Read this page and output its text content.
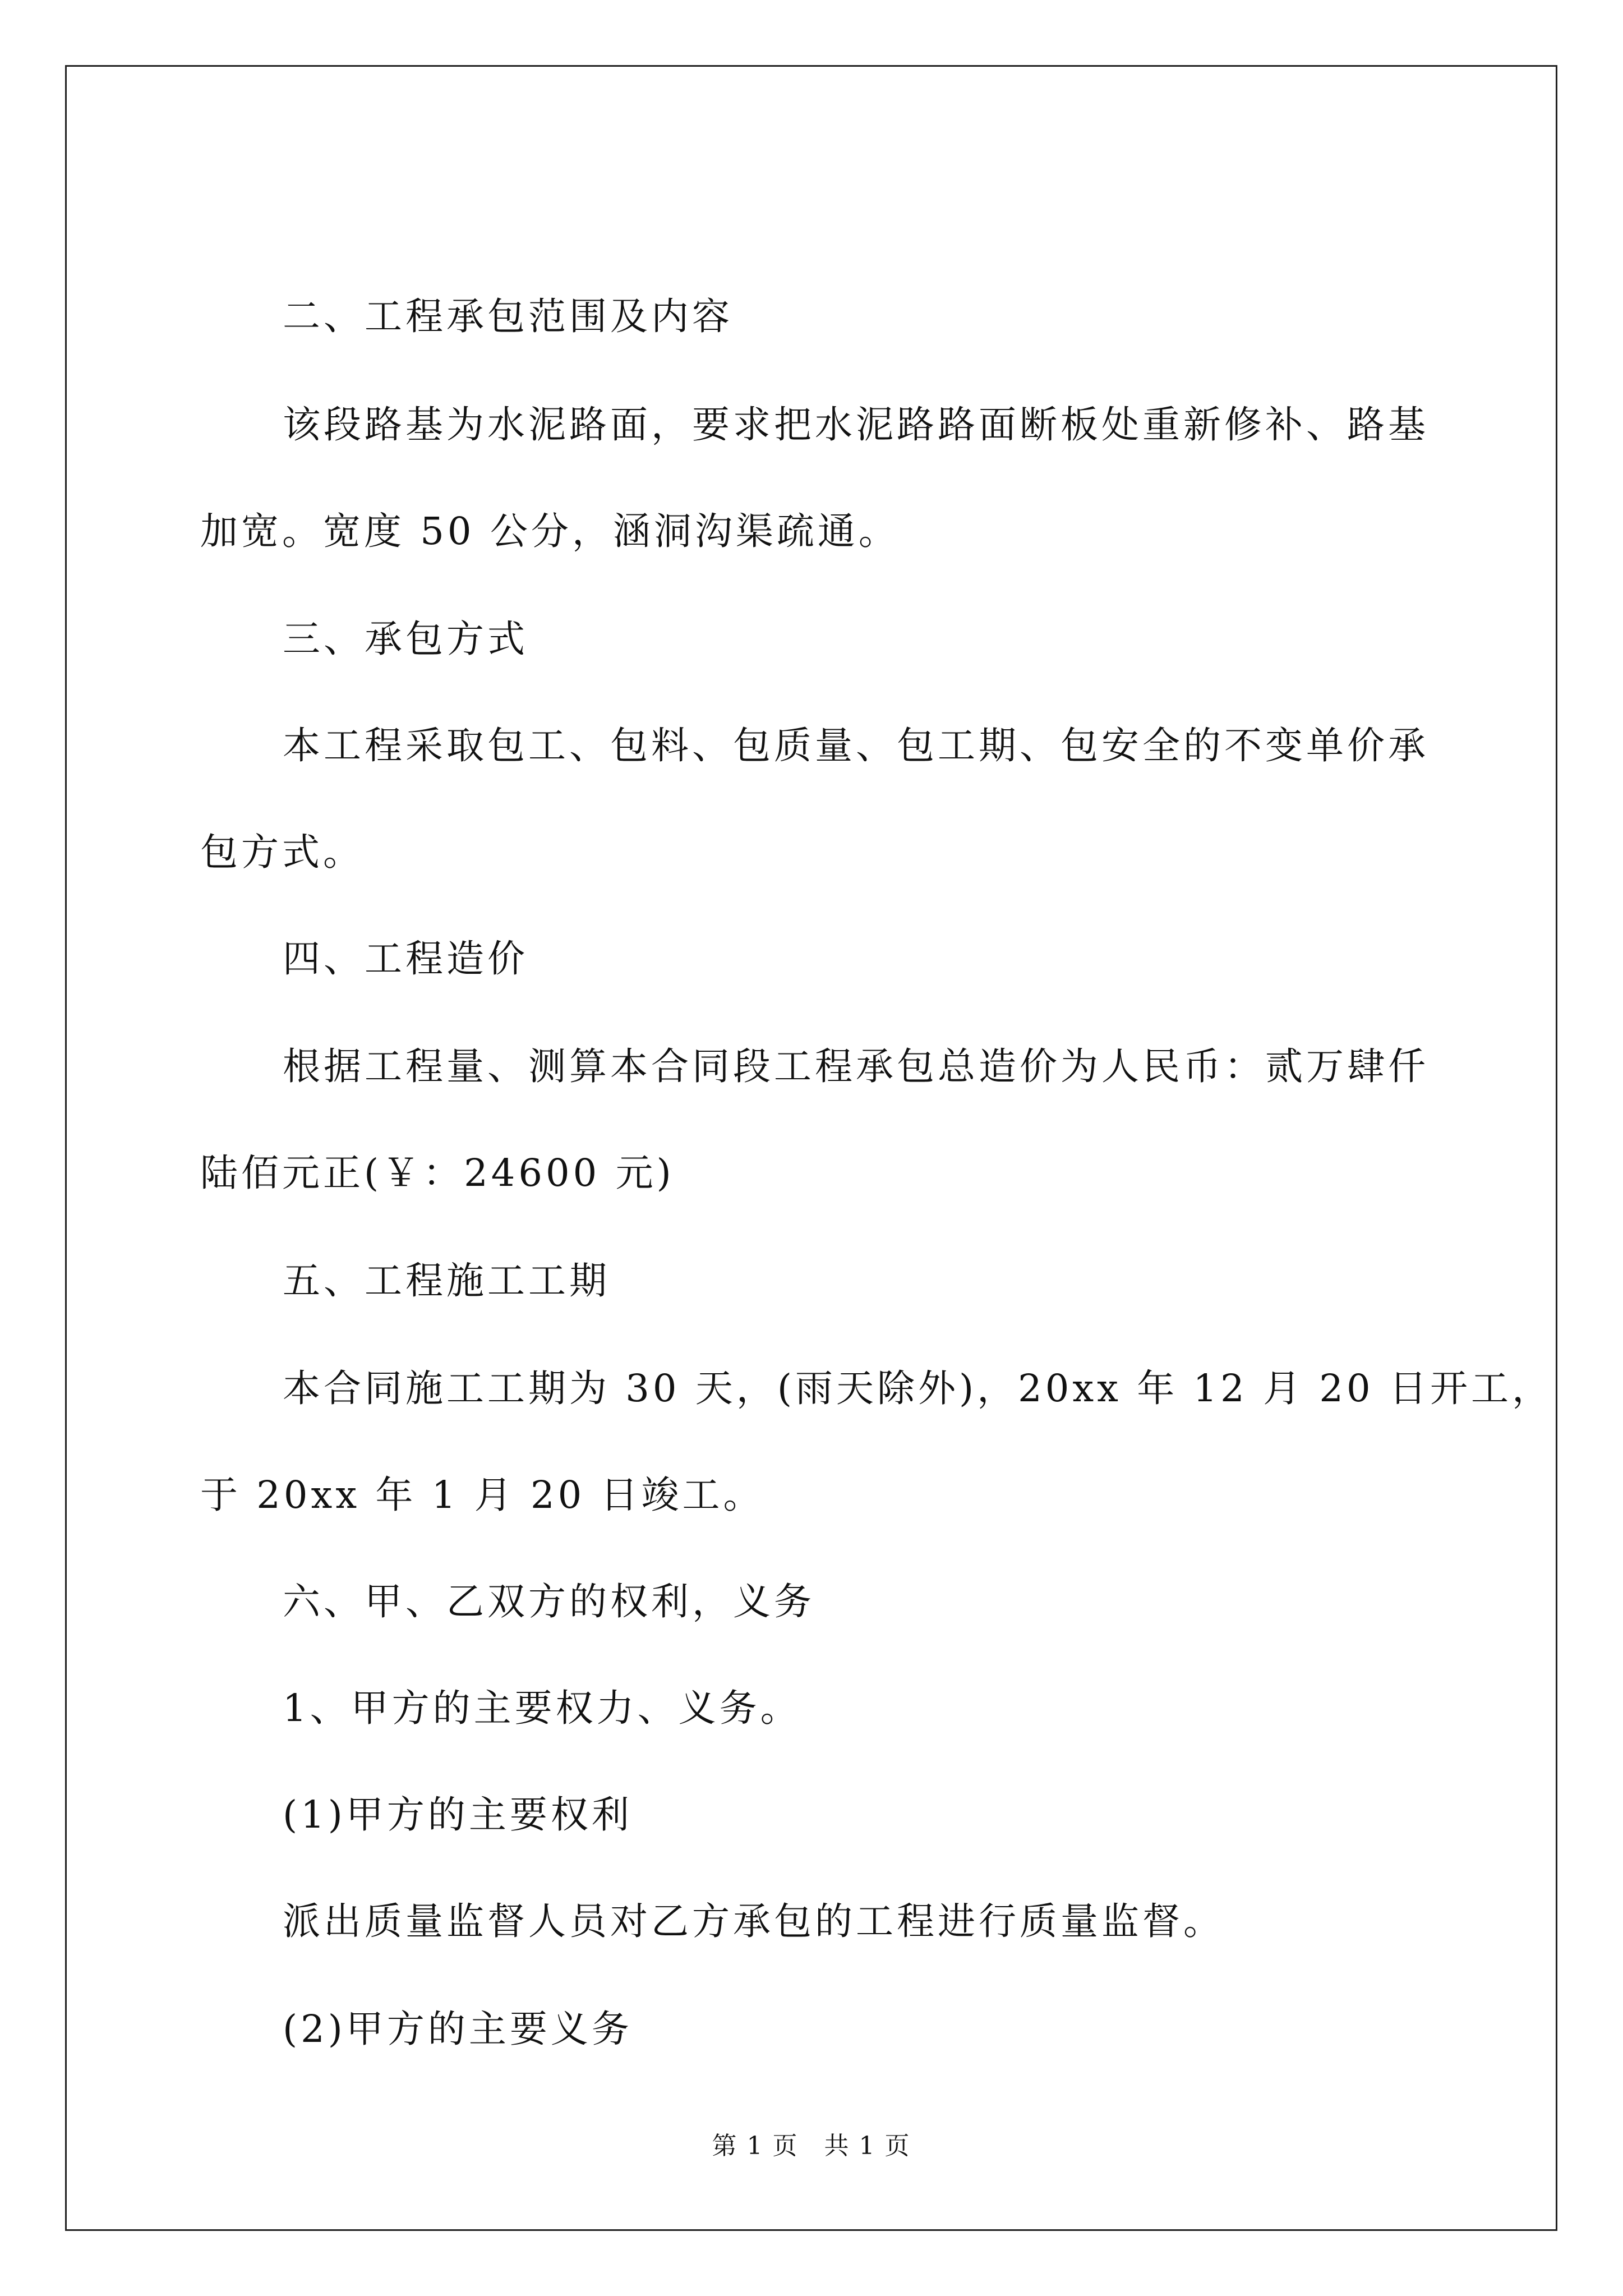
二、工程承包范围及内容
该段路基为水泥路面，要求把水泥路路面断板处重新修补、路基
加宽。宽度 50 公分，涵洞沟渠疏通。
三、承包方式
本工程采取包工、包料、包质量、包工期、包安全的不变单价承
包方式。
四、工程造价
根据工程量、测算本合同段工程承包总造价为人民币：贰万肆仟
陆佰元正(￥：24600 元)
五、工程施工工期
本合同施工工期为 30 天，(雨天除外)，20xx 年 12 月 20 日开工，
于 20xx 年 1 月 20 日竣工。
六、甲、乙双方的权利，义务
1、甲方的主要权力、义务。
(1)甲方的主要权利
派出质量监督人员对乙方承包的工程进行质量监督。
(2)甲方的主要义务
第 1 页　共 1 页
